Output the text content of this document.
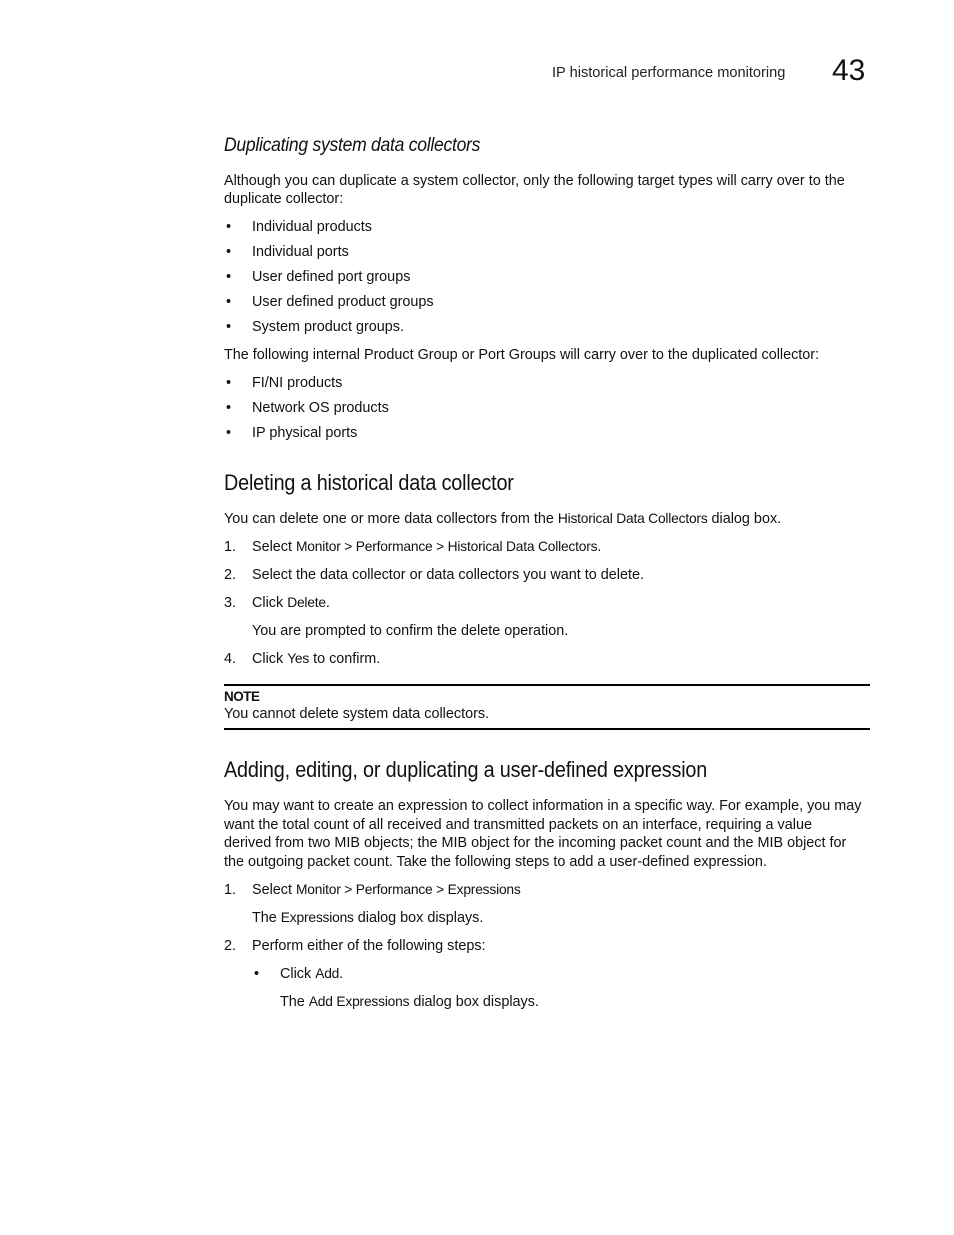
IP historical performance monitoring 43
Duplicating system data collectors
Although you can duplicate a system collector, only the following target types will carry over to the
duplicate collector:
• Individual products
• Individual ports
• User defined port groups
• User defined product groups
• System product groups.
The following internal Product Group or Port Groups will carry over to the duplicated collector:
• FI/NI products
• Network OS products
• IP physical ports
Deleting a historical data collector
You can delete one or more data collectors from the Historical Data Collectors dialog box.
1. Select Monitor > Performance > Historical Data Collectors.
2. Select the data collector or data collectors you want to delete.
3. Click Delete.
You are prompted to confirm the delete operation.
4. Click Yes to confirm.
NOTE
You cannot delete system data collectors.
Adding, editing, or duplicating a user-defined expression
You may want to create an expression to collect information in a specific way. For example, you may
want the total count of all received and transmitted packets on an interface, requiring a value
derived from two MIB objects; the MIB object for the incoming packet count and the MIB object for
the outgoing packet count. Take the following steps to add a user-defined expression.
1. Select Monitor > Performance > Expressions
The Expressions dialog box displays.
2. Perform either of the following steps:
• Click Add.
The Add Expressions dialog box displays.
